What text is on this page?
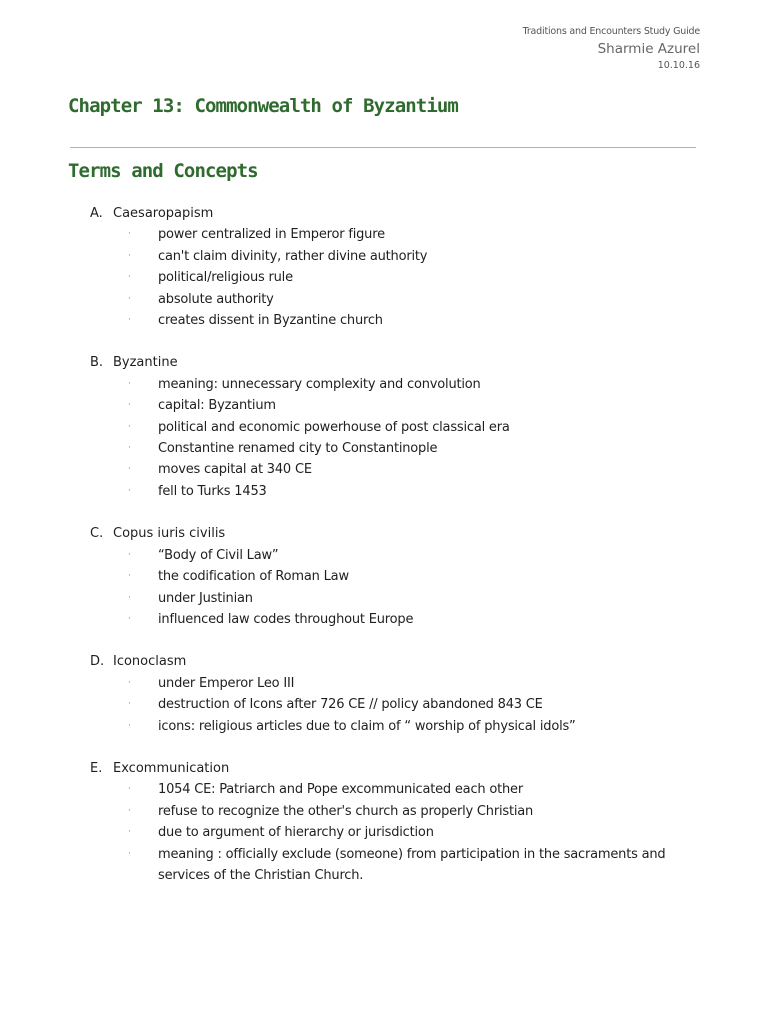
Traditions and Encounters Study Guide
Sharmie Azurel
10.10.16
Chapter 13: Commonwealth of Byzantium
Terms and Concepts
A. Caesaropapism
·	power centralized in Emperor figure
·	can't claim divinity, rather divine authority
·	political/religious rule
·	absolute authority
·	creates dissent in Byzantine church
B. Byzantine
·	meaning: unnecessary complexity and convolution
·	capital: Byzantium
·	political and economic powerhouse of post classical era
·	Constantine renamed city to Constantinople
·	moves capital at 340 CE
·	fell to Turks 1453
C. Copus iuris civilis
·	“Body of Civil Law”
·	the codification of Roman Law
·	under Justinian
·	influenced law codes throughout Europe
D. Iconoclasm
·	under Emperor Leo III
·	destruction of Icons after 726 CE // policy abandoned 843 CE
·	icons: religious articles due to claim of “ worship of physical idols”
E. Excommunication
·	1054 CE: Patriarch and Pope excommunicated each other
·	refuse to recognize the other's church as properly Christian
·	due to argument of hierarchy or jurisdiction
·	meaning : officially exclude (someone) from participation in the sacraments and services of the Christian Church.
